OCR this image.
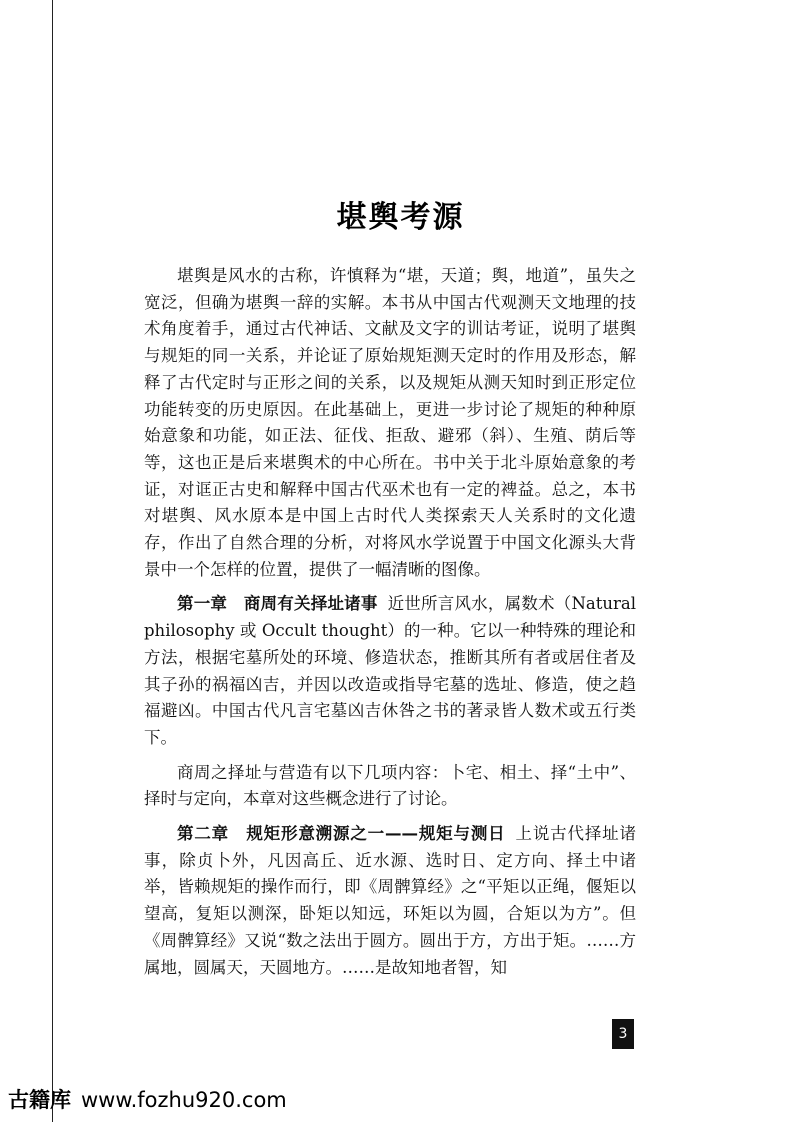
堪舆考源

堪舆是风水的古称，许慎释为“堪，天道；舆，地道”，虽失之宽泛，但确为堪舆一辞的实解。本书从中国古代观测天文地理的技术角度着手，通过古代神话、文献及文字的训诂考证，说明了堪舆与规矩的同一关系，并论证了原始规矩测天定时的作用及形态，解释了古代定时与正形之间的关系，以及规矩从测天知时到正形定位功能转变的历史原因。在此基础上，更进一步讨论了规矩的种种原始意象和功能，如正法、征伐、拒敌、避邪（斜）、生殖、荫后等等，这也正是后来堪舆术的中心所在。书中关于北斗原始意象的考证，对诓正古史和解释中国古代巫术也有一定的裨益。总之，本书对堪舆、风水原本是中国上古时代人类探索天人关系时的文化遗存，作出了自然合理的分析，对将风水学说置于中国文化源头大背景中一个怎样的位置，提供了一幅清晰的图像。

第一章　商周有关择址诸事 近世所言风水，属数术（Natural philosophy 或 Occult thought）的一种。它以一种特殊的理论和方法，根据宅墓所处的环境、修造状态，推断其所有者或居住者及其子孙的祸福凶吉，并因以改造或指导宅墓的选址、修造，使之趋福避凶。中国古代凡言宅墓凶吉休咎之书的著录皆人数术或五行类下。

商周之择址与营造有以下几项内容：卜宅、相土、择“土中”、择时与定向，本章对这些概念进行了讨论。

第二章　规矩形意溯源之一——规矩与测日 上说古代择址诸事，除贞卜外，凡因高丘、近水源、选时日、定方向、择土中诸举，皆赖规矩的操作而行，即《周髀算经》之“平矩以正绳，偃矩以望高，复矩以测深，卧矩以知远，环矩以为圆，合矩以为方”。但《周髀算经》又说“数之法出于圆方。圆出于方，方出于矩。……方属地，圆属天，天圆地方。……是故知地者智，知

3
古籍库 www.fozhu920.com
